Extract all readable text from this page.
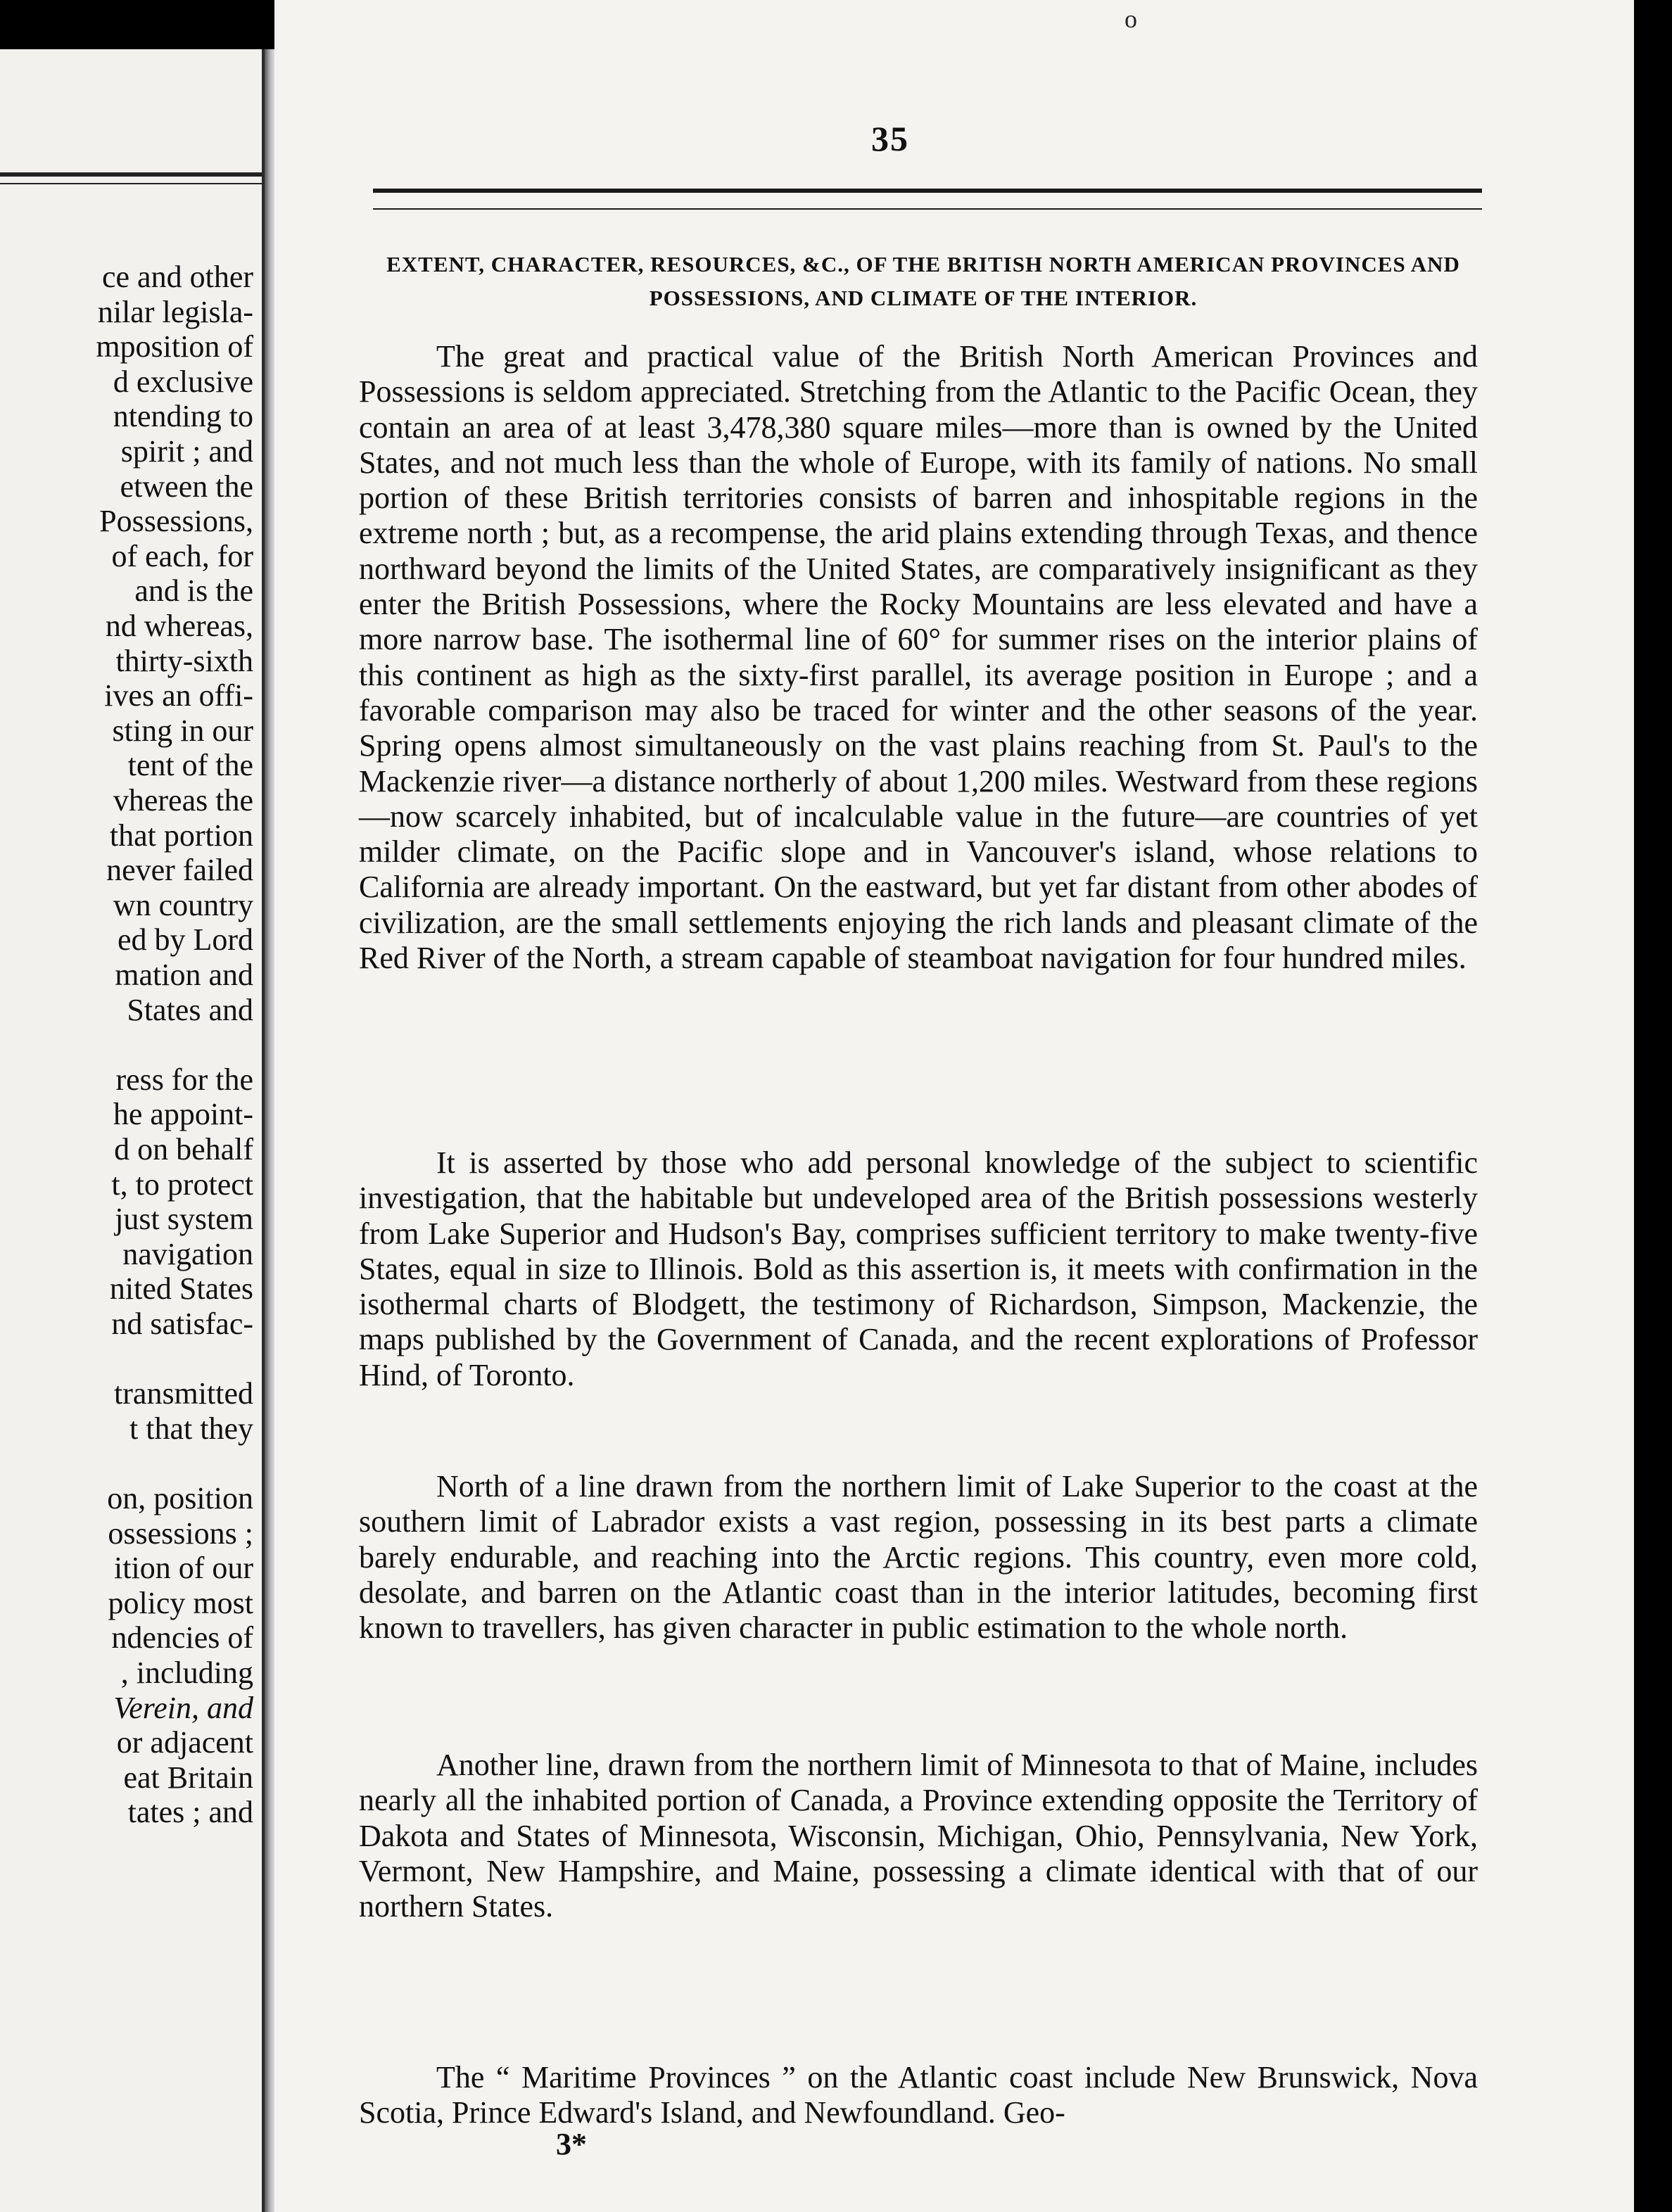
ce and other
nilar legisla-
mposition of
d exclusive
ntending to
spirit ; and
etween the
Possessions,
of each, for
and is the
nd whereas,
thirty-sixth
ives an offi-
sting in our
tent of the
vhereas the
that portion
never failed
wn country
ed by Lord
mation and
States and
ress for the
he appoint-
d on behalf
t, to protect
just system
navigation
nited States
nd satisfac-
transmitted
t that they
on, position
ossessions ;
ition of our
policy most
ndencies of
, including
Verein, and
or adjacent
eat Britain
tates ; and
o
35
EXTENT, CHARACTER, RESOURCES, &C., OF THE BRITISH NORTH AMERICAN PROVINCES AND POSSESSIONS, AND CLIMATE OF THE INTERIOR.
The great and practical value of the British North American Provinces and Possessions is seldom appreciated. Stretching from the Atlantic to the Pacific Ocean, they contain an area of at least 3,478,380 square miles—more than is owned by the United States, and not much less than the whole of Europe, with its family of nations. No small portion of these British territories consists of barren and inhospitable regions in the extreme north ; but, as a recompense, the arid plains extending through Texas, and thence northward beyond the limits of the United States, are comparatively insignificant as they enter the British Possessions, where the Rocky Mountains are less elevated and have a more narrow base. The isothermal line of 60° for summer rises on the interior plains of this continent as high as the sixty-first parallel, its average position in Europe ; and a favorable comparison may also be traced for winter and the other seasons of the year. Spring opens almost simultaneously on the vast plains reaching from St. Paul's to the Mackenzie river—a distance northerly of about 1,200 miles. Westward from these regions—now scarcely inhabited, but of incalculable value in the future—are countries of yet milder climate, on the Pacific slope and in Vancouver's island, whose relations to California are already important. On the eastward, but yet far distant from other abodes of civilization, are the small settlements enjoying the rich lands and pleasant climate of the Red River of the North, a stream capable of steamboat navigation for four hundred miles.
It is asserted by those who add personal knowledge of the subject to scientific investigation, that the habitable but undeveloped area of the British possessions westerly from Lake Superior and Hudson's Bay, comprises sufficient territory to make twenty-five States, equal in size to Illinois. Bold as this assertion is, it meets with confirmation in the isothermal charts of Blodgett, the testimony of Richardson, Simpson, Mackenzie, the maps published by the Government of Canada, and the recent explorations of Professor Hind, of Toronto.
North of a line drawn from the northern limit of Lake Superior to the coast at the southern limit of Labrador exists a vast region, possessing in its best parts a climate barely endurable, and reaching into the Arctic regions. This country, even more cold, desolate, and barren on the Atlantic coast than in the interior latitudes, becoming first known to travellers, has given character in public estimation to the whole north.
Another line, drawn from the northern limit of Minnesota to that of Maine, includes nearly all the inhabited portion of Canada, a Province extending opposite the Territory of Dakota and States of Minnesota, Wisconsin, Michigan, Ohio, Pennsylvania, New York, Vermont, New Hampshire, and Maine, possessing a climate identical with that of our northern States.
The “ Maritime Provinces ” on the Atlantic coast include New Brunswick, Nova Scotia, Prince Edward's Island, and Newfoundland. Geo-
3*
